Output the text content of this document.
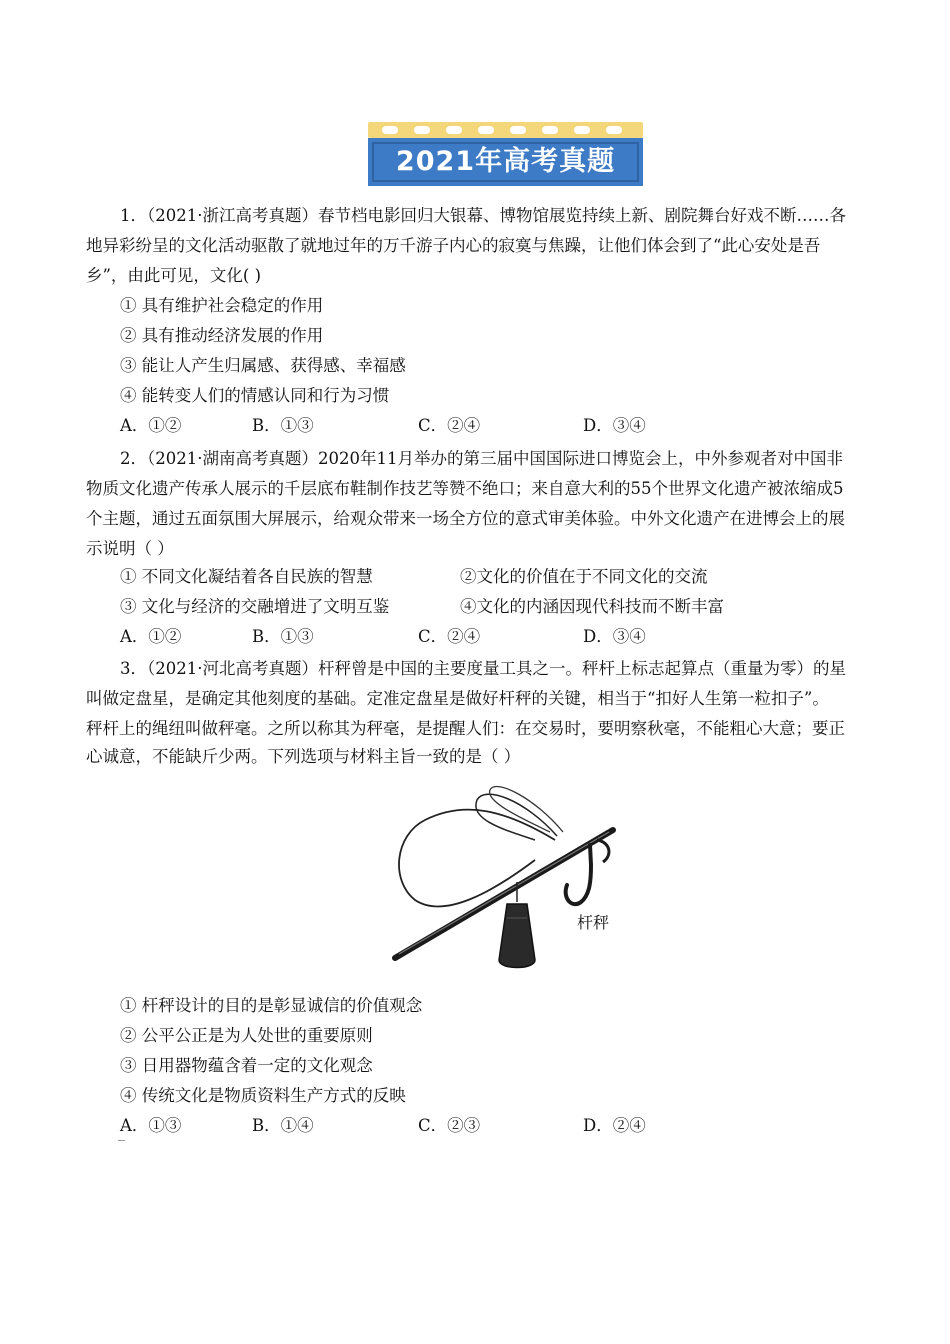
2021年高考真题
1．（2021·浙江高考真题）春节档电影回归大银幕、博物馆展览持续上新、剧院舞台好戏不断……各
地异彩纷呈的文化活动驱散了就地过年的万千游子内心的寂寞与焦躁，让他们体会到了“此心安处是吾
乡”，由此可见，文化( )
① 具有维护社会稳定的作用
② 具有推动经济发展的作用
③ 能让人产生归属感、获得感、幸福感
④ 能转变人们的情感认同和行为习惯
A．①②	B．①③	C．②④	D．③④
2．（2021·湖南高考真题）2020年11月举办的第三届中国国际进口博览会上，中外参观者对中国非
物质文化遗产传承人展示的千层底布鞋制作技艺等赞不绝口；来自意大利的55个世界文化遗产被浓缩成5
个主题，通过五面氛围大屏展示，给观众带来一场全方位的意式审美体验。中外文化遗产在进博会上的展
示说明（ ）
① 不同文化凝结着各自民族的智慧	②文化的价值在于不同文化的交流
③ 文化与经济的交融增进了文明互鉴	④文化的内涵因现代科技而不断丰富
A．①②	B．①③	C．②④	D．③④
3．（2021·河北高考真题）杆秤曾是中国的主要度量工具之一。秤杆上标志起算点（重量为零）的星
叫做定盘星，是确定其他刻度的基础。定准定盘星是做好杆秤的关键，相当于“扣好人生第一粒扣子”。
秤杆上的绳纽叫做秤毫。之所以称其为秤毫，是提醒人们：在交易时，要明察秋毫，不能粗心大意；要正
心诚意，不能缺斤少两。下列选项与材料主旨一致的是（ ）
杆秤
① 杆秤设计的目的是彰显诚信的价值观念
② 公平公正是为人处世的重要原则
③ 日用器物蕴含着一定的文化观念
④ 传统文化是物质资料生产方式的反映
A．①③	B．①④	C．②③	D．②④
